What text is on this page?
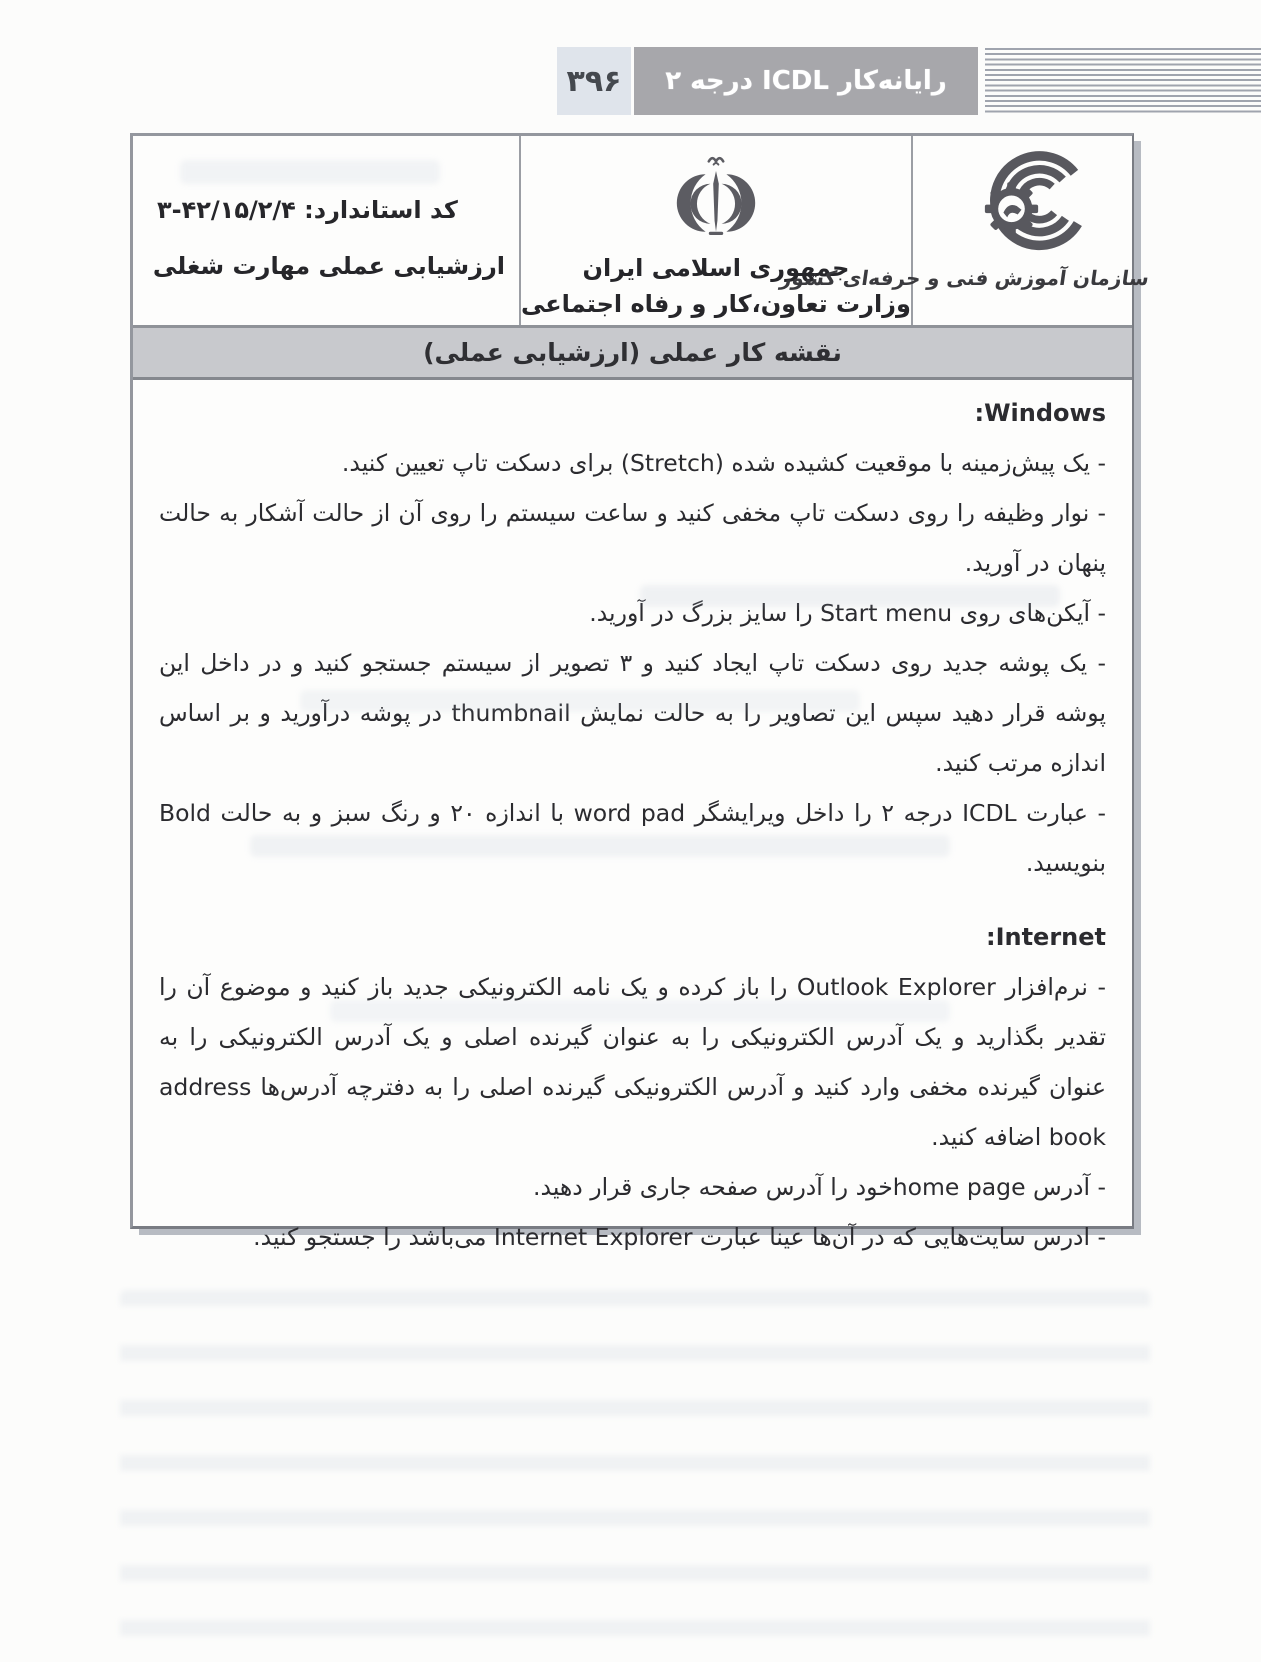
۳۹۶	رایانه‌کار ICDL درجه ۲
کد استاندارد: ۳-۴۲/۱۵/۲/۴
ارزشیابی عملی مهارت شغلی	جمهوری اسلامی ایران
وزارت تعاون،کار و رفاه اجتماعی
سازمان آموزش فنی و حرفه‌ای کشور
نقشه کار عملی (ارزشیابی عملی)
Windows:

- یک پیش‌زمینه با موقعیت کشیده شده (Stretch) برای دسکت تاپ تعیین کنید.

- نوار وظیفه را روی دسکت تاپ مخفی کنید و ساعت سیستم را روی آن از حالت آشکار به حالت پنهان در آورید.

- آیکن‌های روی Start menu را سایز بزرگ در آورید.

- یک پوشه جدید روی دسکت تاپ ایجاد کنید و ۳ تصویر از سیستم جستجو کنید و در داخل این پوشه قرار دهید سپس این تصاویر را به حالت نمایش thumbnail در پوشه درآورید و بر اساس اندازه مرتب کنید.

- عبارت ICDL درجه ۲ را داخل ویرایشگر word pad با اندازه ۲۰ و رنگ سبز و به حالت Bold بنویسید.

Internet:

- نرم‌افزار Outlook Explorer را باز کرده و یک نامه الکترونیکی جدید باز کنید و موضوع آن را تقدیر بگذارید و یک آدرس الکترونیکی را به عنوان گیرنده اصلی و یک آدرس الکترونیکی را به عنوان گیرنده مخفی وارد کنید و آدرس الکترونیکی گیرنده اصلی را به دفترچه آدرس‌ها address book اضافه کنید.

- آدرس home pageخود را آدرس صفحه جاری قرار دهید.

- ادرس سایت‌هایی که در آن‌ها عینا عبارت Internet Explorer می‌باشد را جستجو کنید.
